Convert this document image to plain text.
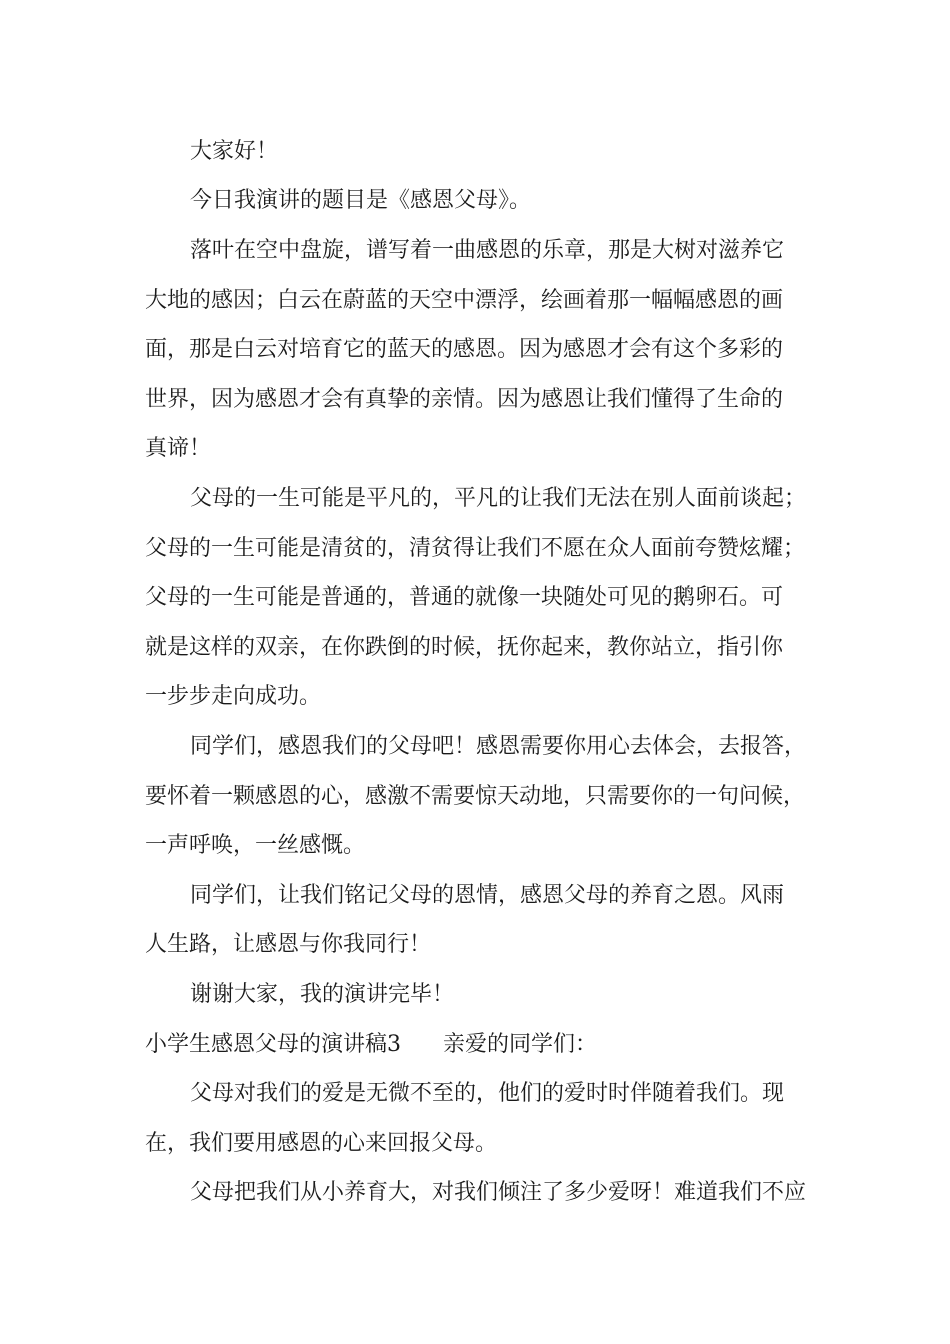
大家好！
今日我演讲的题目是《感恩父母》。
落叶在空中盘旋，谱写着一曲感恩的乐章，那是大树对滋养它
大地的感因；白云在蔚蓝的天空中漂浮，绘画着那一幅幅感恩的画
面，那是白云对培育它的蓝天的感恩。因为感恩才会有这个多彩的
世界，因为感恩才会有真挚的亲情。因为感恩让我们懂得了生命的
真谛！
父母的一生可能是平凡的，平凡的让我们无法在别人面前谈起；
父母的一生可能是清贫的，清贫得让我们不愿在众人面前夸赞炫耀；
父母的一生可能是普通的，普通的就像一块随处可见的鹅卵石。可
就是这样的双亲，在你跌倒的时候，抚你起来，教你站立，指引你
一步步走向成功。
同学们，感恩我们的父母吧！感恩需要你用心去体会，去报答，
要怀着一颗感恩的心，感激不需要惊天动地，只需要你的一句问候，
一声呼唤，一丝感慨。
同学们，让我们铭记父母的恩情，感恩父母的养育之恩。风雨
人生路，让感恩与你我同行！
谢谢大家，我的演讲完毕！
小学生感恩父母的演讲稿3 亲爱的同学们：
父母对我们的爱是无微不至的，他们的爱时时伴随着我们。现
在，我们要用感恩的心来回报父母。
父母把我们从小养育大，对我们倾注了多少爱呀！难道我们不应
